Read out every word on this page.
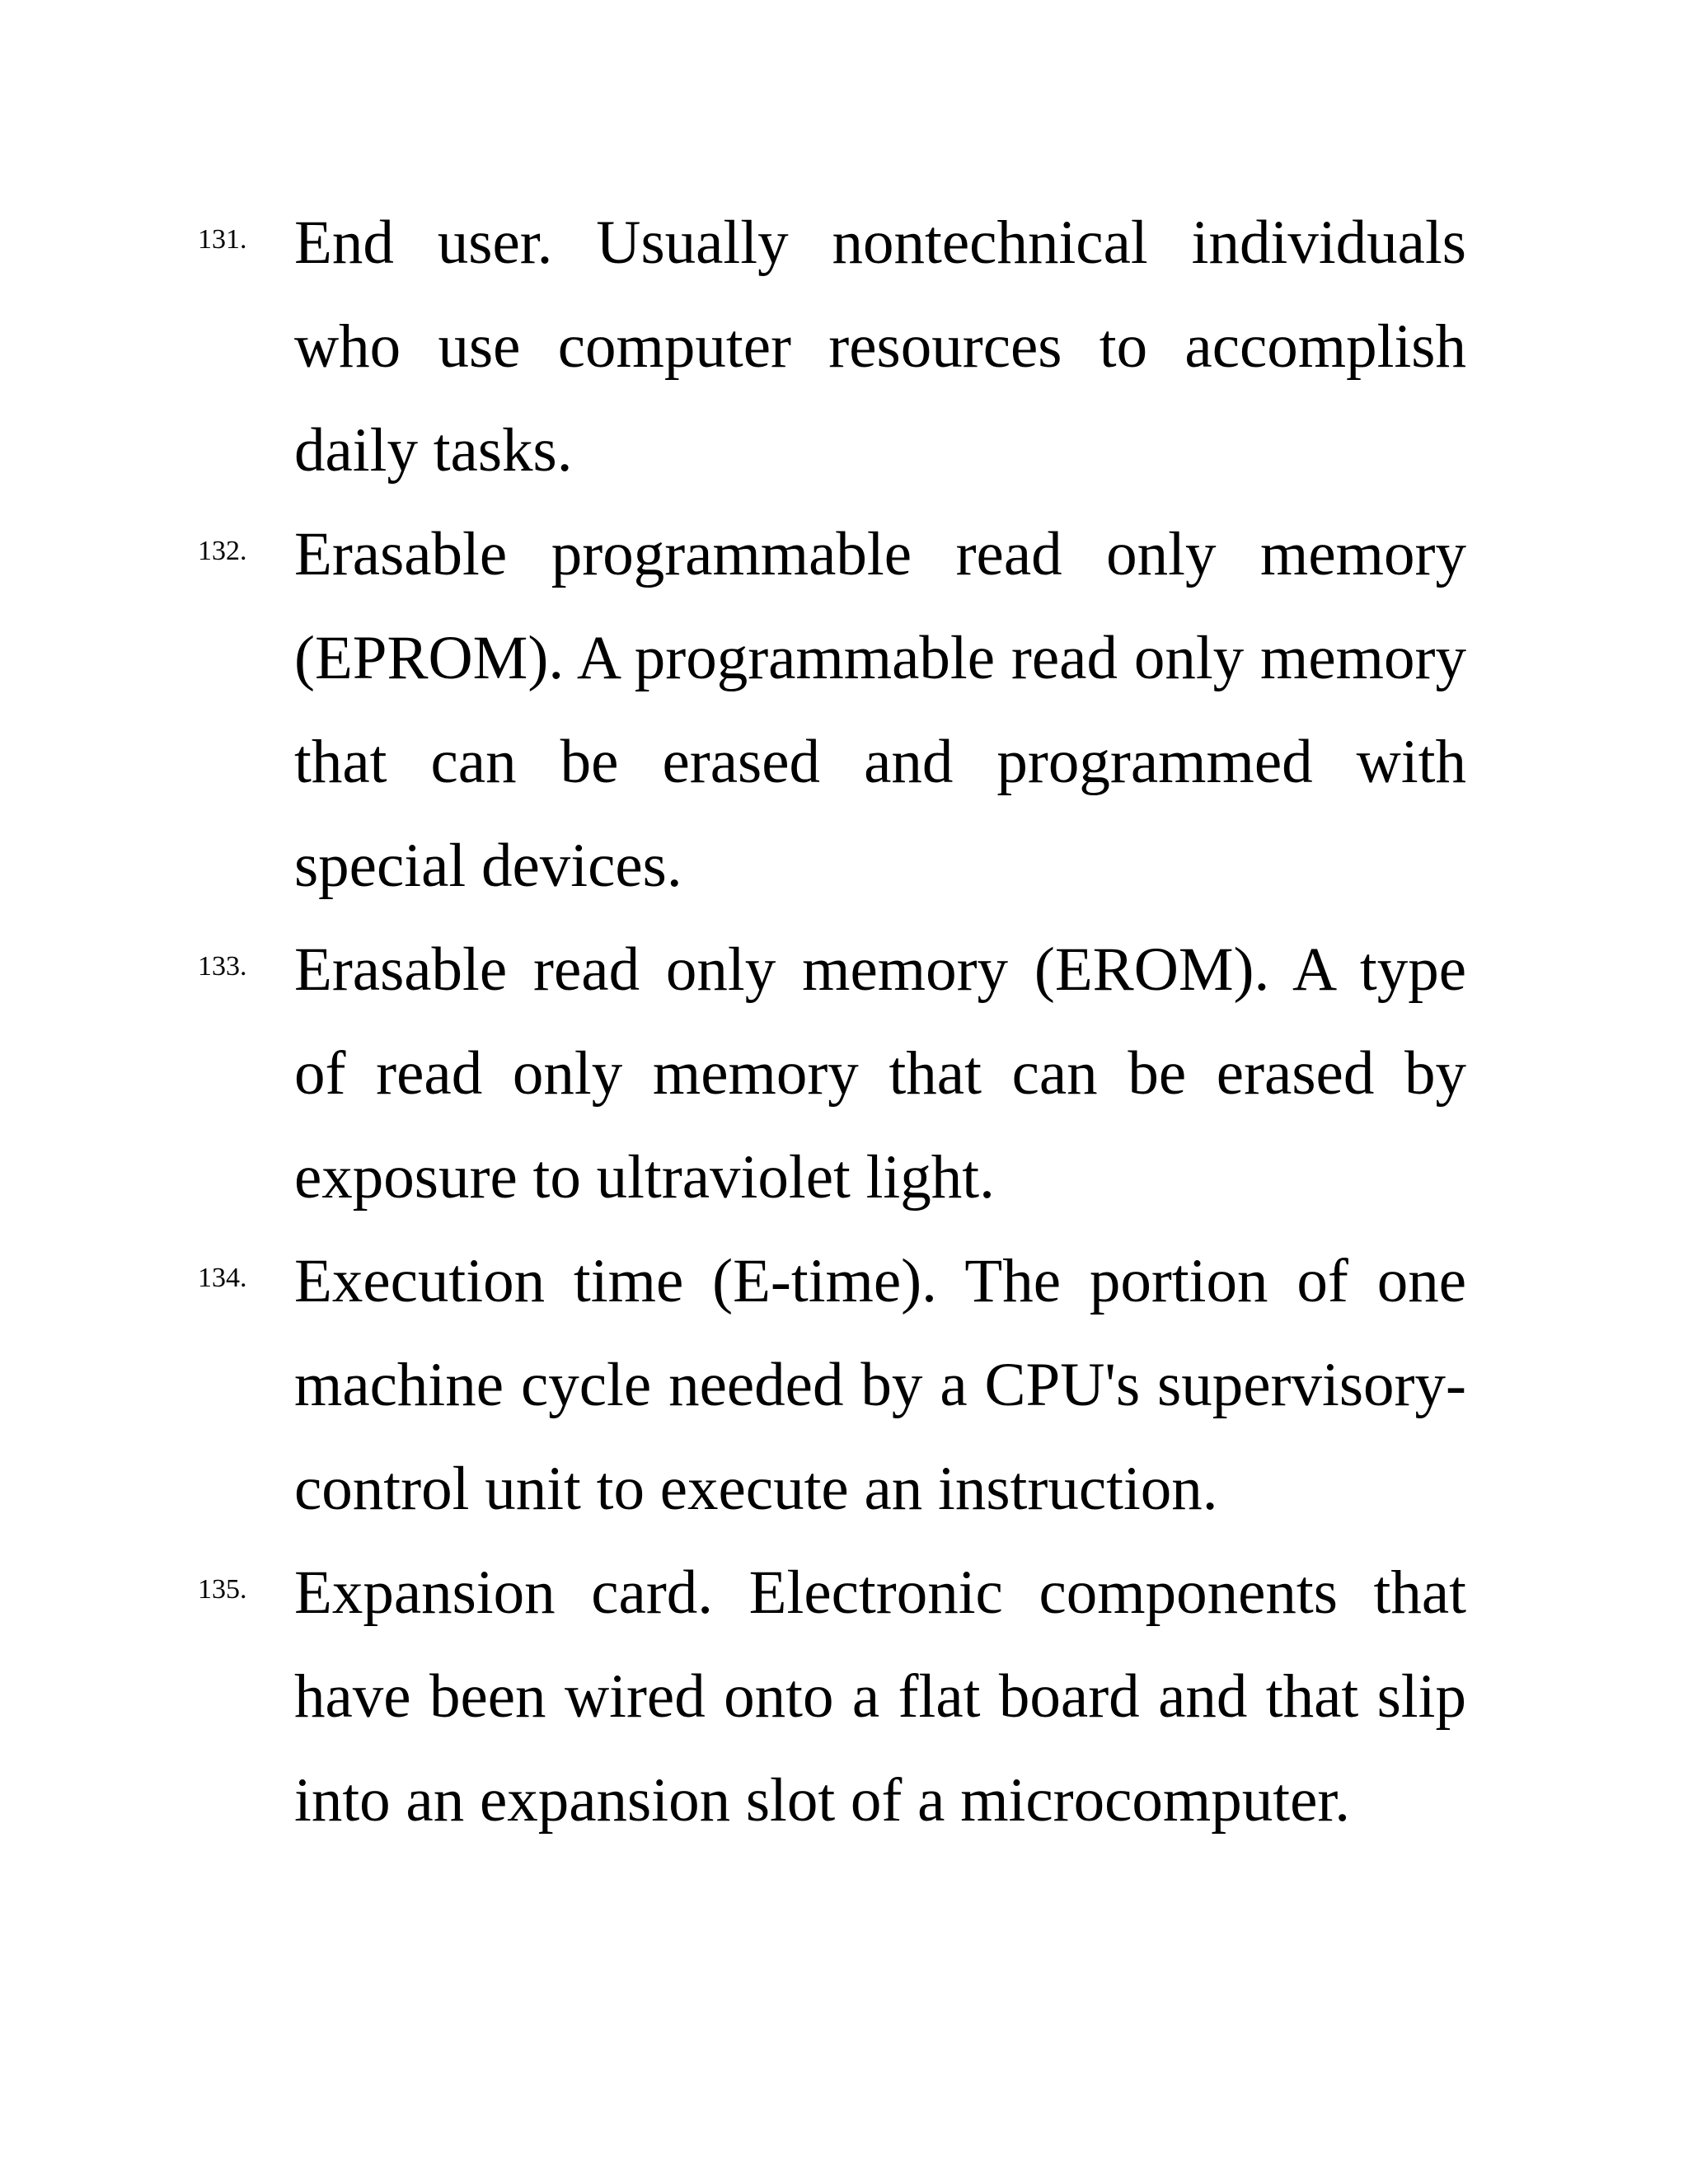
131. End user. Usually nontechnical individuals who use computer resources to accomplish daily tasks.
132. Erasable programmable read only memory (EPROM). A programmable read only memory that can be erased and programmed with special devices.
133. Erasable read only memory (EROM). A type of read only memory that can be erased by exposure to ultraviolet light.
134. Execution time (E-time). The portion of one machine cycle needed by a CPU's supervisory-control unit to execute an instruction.
135. Expansion card. Electronic components that have been wired onto a flat board and that slip into an expansion slot of a microcomputer.
